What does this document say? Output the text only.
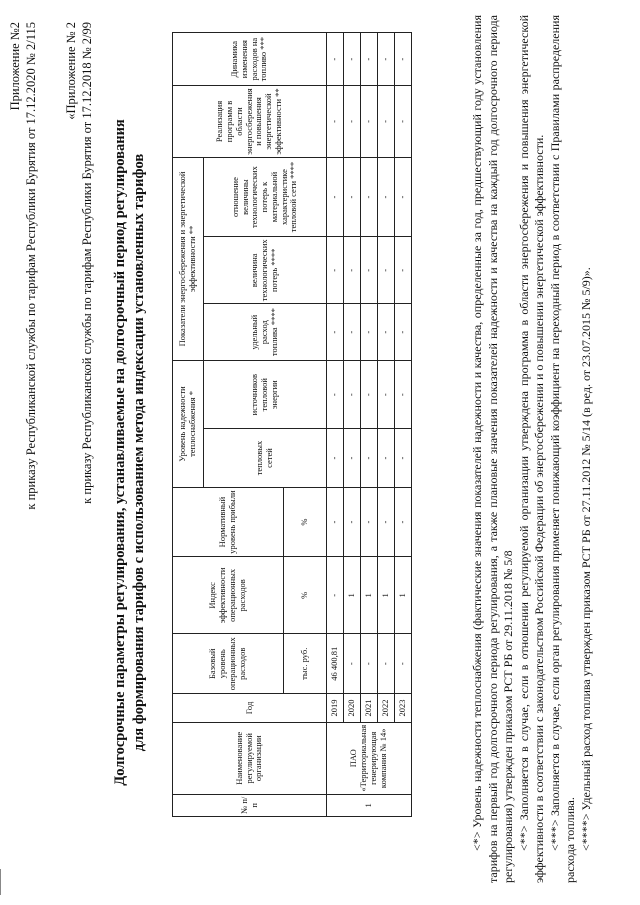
Приложение №2 к приказу Республиканской службы по тарифам Республики Бурятия от 17.12.2020 № 2/115 «Приложение № 2 к приказу Республиканской службы по тарифам Республики Бурятия от 17.12.2018 № 2/99 Долгосрочные параметры регулирования, устанавливаемые на долгосрочный период регулирования для формирования тарифов с использованием метода индексации установленных тарифов
№ п/п	Наименование регулируемой организации	Год	Базовый уровень операционных расходов	Индекс эффективности операционных расходов	Нормативный уровень прибыли	Уровень надежности теплоснабжения *		Показатели энергосбережения и энергетической эффективности **			Реализация программ в области энергосбережения и повышения энергетической эффективности **	Динамика изменения расходов на топливо ***
						тепловых сетей	источников тепловой энергии	удельный расход топлива ****	величина технологических потерь ****	отношение величины технологических потерь к материальной характеристике тепловой сети ****		
			тыс. руб.	%	%							
1	ПАО «Территориальная генерирующая компания № 14»	2019	46 400,81	-	-	-	-	-	-	-	-	-
		2020	-	1	-	-	-	-	-	-	-	-
		2021	-	1	-	-	-	-	-	-	-	-
		2022	-	1	-	-	-	-	-	-	-	-
		2023	-	1	-	-	-	-	-	-	-	-	<*> Уровень надежности теплоснабжения (фактические значения показателей надежности и качества, определенные за год, предшествующий году установления тарифов на первый год долгосрочного периода регулирования, а также плановые значения показателей надежности и качества на каждый год долгосрочного периода регулирования) утвержден приказом РСТ РБ от 29.11.2018 № 5/8 <**> Заполняется в случае, если в отношении регулируемой организации утверждена программа в области энергосбережения и повышения энергетической эффективности в соответствии с законодательством Российской Федерации об энергосбережении и о повышении энергетической эффективности. <***> Заполняется в случае, если орган регулирования применяет понижающий коэффициент на переходный период в соответствии с Правилами распределения расхода топлива. <****> Удельный расход топлива утвержден приказом РСТ РБ от 27.11.2012 № 5/14 (в ред. от 23.07.2015 № 5/9)».
